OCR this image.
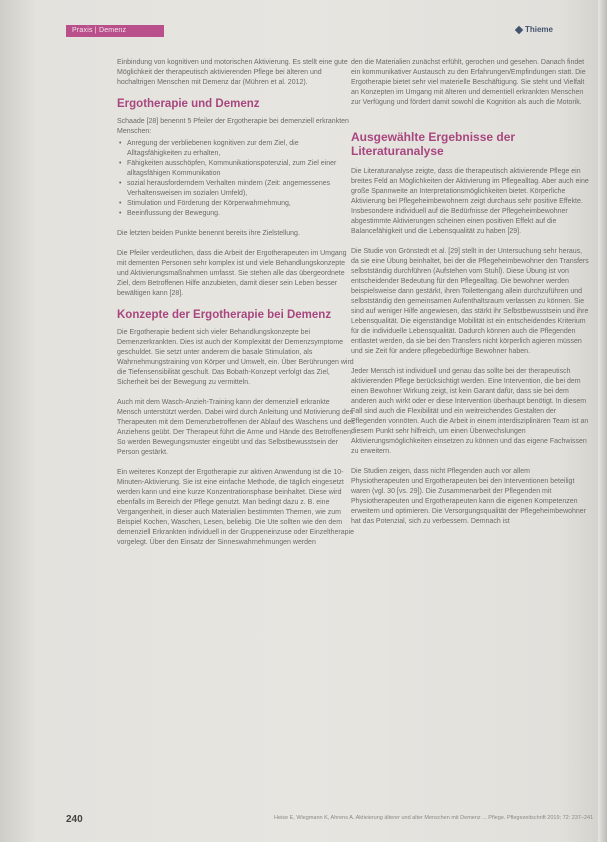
Praxis | Demenz	Thieme

Einbindung von kognitiven und motorischen Aktivierung. Es stellt eine gute Möglichkeit der therapeutisch aktivierenden Pflege bei älteren und hochaltrigen Menschen mit Demenz dar (Mühren et al. 2012).

Ergotherapie und Demenz

Schaade [28] benennt 5 Pfeiler der Ergotherapie bei demenziell erkrankten Menschen:

• Anregung der verbliebenen kognitiven zur dem Ziel, die Alltagsfähigkeiten zu erhalten,
• Fähigkeiten ausschöpfen, Kommunikationspotenzial, zum Ziel einer alltagsfähigen Kommunikation
• sozial herausforderndem Verhalten mindern (Zeit: angemessenes Verhaltensweisen im sozialen Umfeld),
• Stimulation und Förderung der Körperwahrnehmung,
• Beeinflussung der Bewegung.

Die letzten beiden Punkte benennt bereits ihre Zielstellung.

Die Pfeiler verdeutlichen, dass die Arbeit der Ergotherapeuten im Umgang mit dementen Personen sehr komplex ist und viele Behandlungskonzepte und Aktivierungsmaßnahmen umfasst. Sie stehen alle das übergeordnete Ziel, dem Betroffenen Hilfe anzubieten, damit dieser sein Leben besser bewältigen kann [28].

Konzepte der Ergotherapie bei Demenz

Die Ergotherapie bedient sich vieler Behandlungskonzepte bei Demenzerkrankten. Dies ist auch der Komplexität der Demenzsymptome geschuldet. Sie setzt unter anderem die basale Stimulation, als Wahrnehmungstraining von Körper und Umwelt, ein. Über Berührungen wird die Tiefensensibilität geschult. Das Bobath-Konzept verfolgt das Ziel, Sicherheit bei der Bewegung zu vermitteln.

Auch mit dem Wasch-Anzieh-Training kann der demenziell erkrankte Mensch unterstützt werden. Dabei wird durch Anleitung und Motivierung des Therapeuten mit dem Demenzbetroffenen der Ablauf des Waschens und des Anziehens geübt. Der Therapeut führt die Arme und Hände des Betroffenen. So werden Bewegungsmuster eingeübt und das Selbstbewusstsein der Person gestärkt.

Ein weiteres Konzept der Ergotherapie zur aktiven Anwendung ist die 10-Minuten-Aktivierung. Sie ist eine einfache Methode, die täglich eingesetzt werden kann und eine kurze Konzentrationsphase beinhaltet. Diese wird ebenfalls im Bereich der Pflege genutzt. Man bedingt dazu z. B. eine Vergangenheit, in dieser auch Materialien bestimmten Themen, wie zum Beispiel Kochen, Waschen, Lesen, beliebig. Die Ute sollten wie den dem demenziell Erkrankten individuell in der Gruppeneinzuse oder Einzeltherapie vorgelegt. Über den Einsatz der Sinneswahrnehmungen werden

den die Materialien zunächst erfühlt, gerochen und gesehen. Danach findet ein kommunikativer Austausch zu den Erfahrungen/Empfindungen statt. Die Ergotherapie bietet sehr viel materielle Beschäftigung. Sie steht und Vielfalt an Konzepten im Umgang mit älteren und dementiell erkrankten Menschen zur Verfügung und fördert damit sowohl die Kognition als auch die Motorik.

Ausgewählte Ergebnisse der Literaturanalyse

Die Literaturanalyse zeigte, dass die therapeutisch aktivierende Pflege ein breites Feld an Möglichkeiten der Aktivierung im Pflegealltag. Aber auch eine große Spannweite an Interpretationsmöglichkeiten bietet. Körperliche Aktivierung bei Pflegeheimbewohnern zeigt durchaus sehr positive Effekte. Insbesondere individuell auf die Bedürfnisse der Pflegeheimbewohner abgestimmte Aktivierungen scheinen einen positiven Effekt auf die Balancefähigkeit und die Lebensqualität zu haben [29].

Die Studie von Grönstedt et al. [29] stellt in der Untersuchung sehr heraus, da sie eine Übung beinhaltet, bei der die Pflegeheimbewohner den Transfers selbstständig durchführen (Aufstehen vom Stuhl). Diese Übung ist von entscheidender Bedeutung für den Pflegealltag. Die bewohner werden beispielsweise dann gestärkt, ihren Toilettengang allein durchzuführen und selbstständig den gemeinsamen Aufenthaltsraum verlassen zu können. Sie sind auf weniger Hilfe angewiesen, das stärkt ihr Selbstbewusstsein und ihre Lebensqualität. Die eigenständige Mobilität ist ein entscheidendes Kriterium für die individuelle Lebensqualität. Dadurch können auch die Pflegenden entlastet werden, da sie bei den Transfers nicht körperlich agieren müssen und sie Zeit für andere pflegebedürftige Bewohner haben.

Jeder Mensch ist individuell und genau das sollte bei der therapeutisch aktivierenden Pflege berücksichtigt werden. Eine Intervention, die bei dem einen Bewohner Wirkung zeigt, ist kein Garant dafür, dass sie bei dem anderen auch wirkt oder er diese Intervention überhaupt benötigt. In diesem Fall sind auch die Flexibilität und ein weitreichendes Gestalten der Pflegenden vonnöten. Auch die Arbeit in einem interdisziplinären Team ist an diesem Punkt sehr hilfreich, um einen Überwechslungen Aktivierungsmöglichkeiten einsetzen zu können und das eigene Fachwissen zu erweitern.

Die Studien zeigen, dass nicht Pflegenden auch vor allem Physiotherapeuten und Ergotherapeuten bei den Interventionen beteiligt waren (vgl. 30 [vs. 29]). Die Zusammenarbeit der Pflegenden mit Physiotherapeuten und Ergotherapeuten kann die eigenen Kompetenzen erweitern und optimieren. Die Versorgungsqualität der Pflegeheimbewohner hat das Potenzial, sich zu verbessern. Demnach ist

240	Heise E, Wiegmann K, Ahrens A. Aktivierung älterer und alter Menschen mit Demenz ... Pflege. Pflegezeitschrift 2019; 72: 237–241
